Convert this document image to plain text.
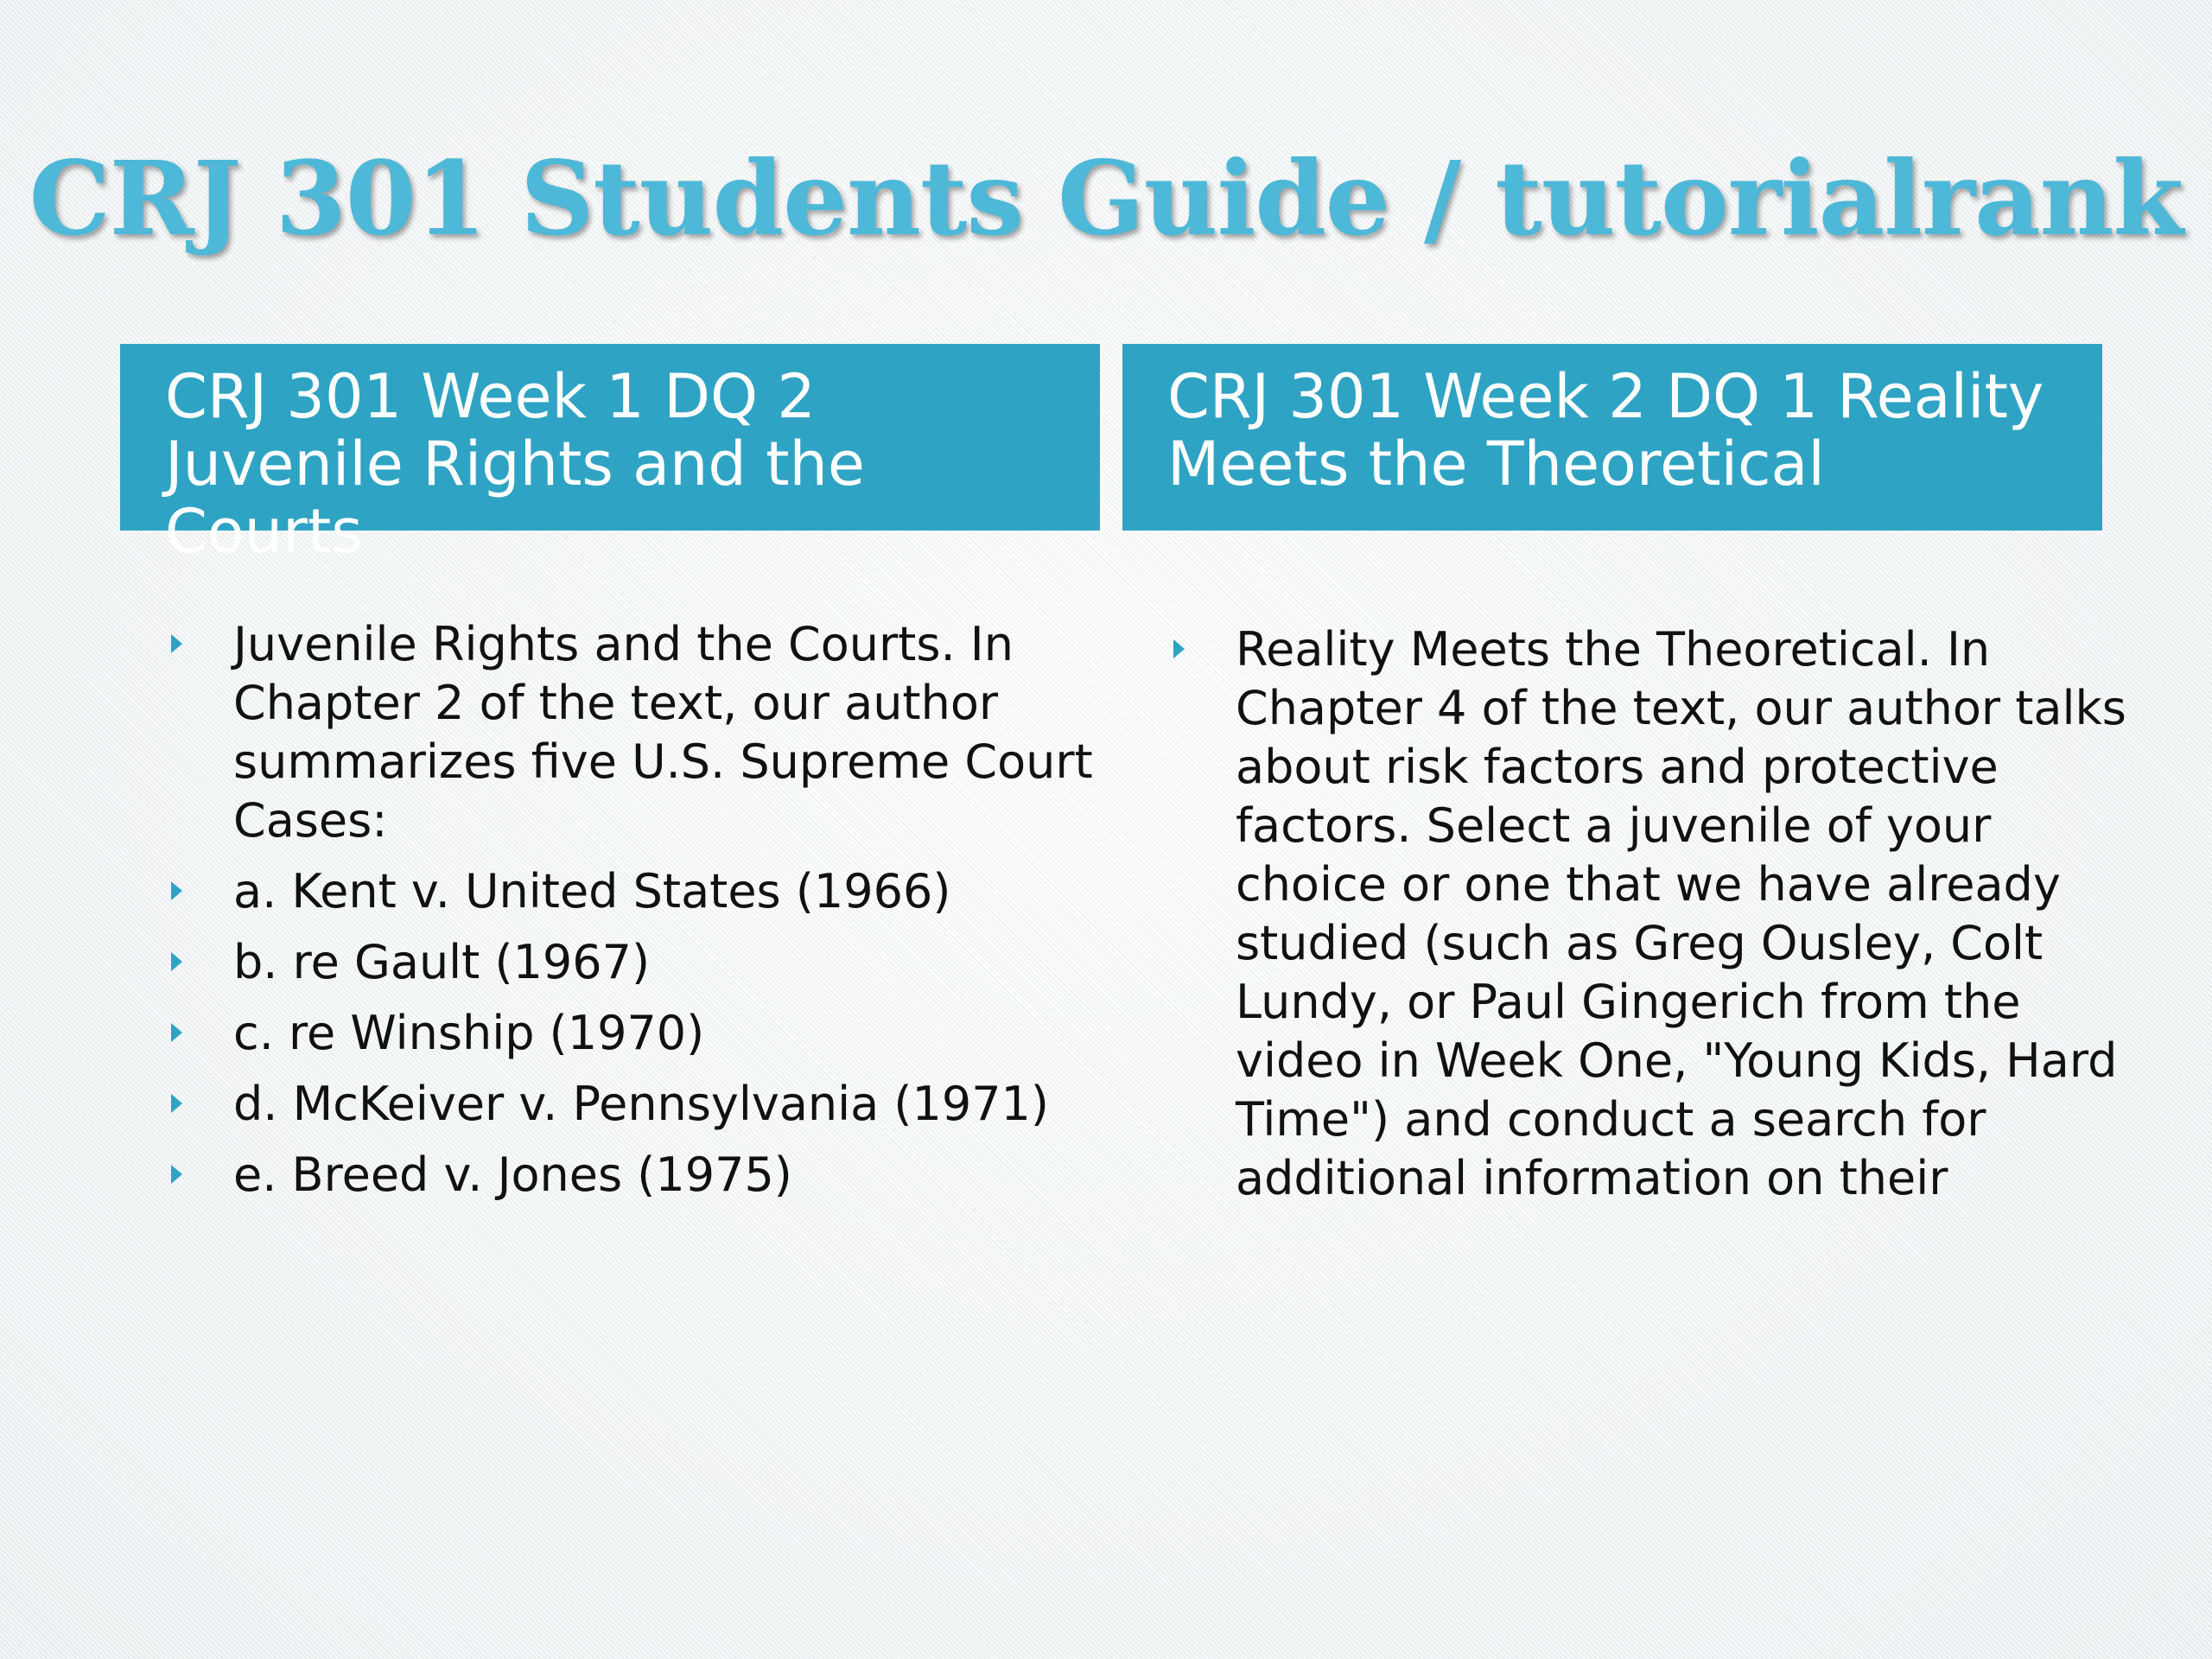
CRJ 301 Students Guide / tutorialrank
CRJ 301 Week 1 DQ 2 Juvenile Rights and the Courts
CRJ 301 Week 2 DQ 1 Reality Meets the Theoretical
Juvenile Rights and the Courts. In Chapter 2 of the text, our author summarizes five U.S. Supreme Court Cases:
a. Kent v. United States (1966)
b. re Gault (1967)
c. re Winship (1970)
d. McKeiver v. Pennsylvania (1971)
e. Breed v. Jones (1975)
Reality Meets the Theoretical. In Chapter 4 of the text, our author talks about risk factors and protective factors. Select a juvenile of your choice or one that we have already studied (such as Greg Ousley, Colt Lundy, or Paul Gingerich from the video in Week One, "Young Kids, Hard Time") and conduct a search for additional information on their
